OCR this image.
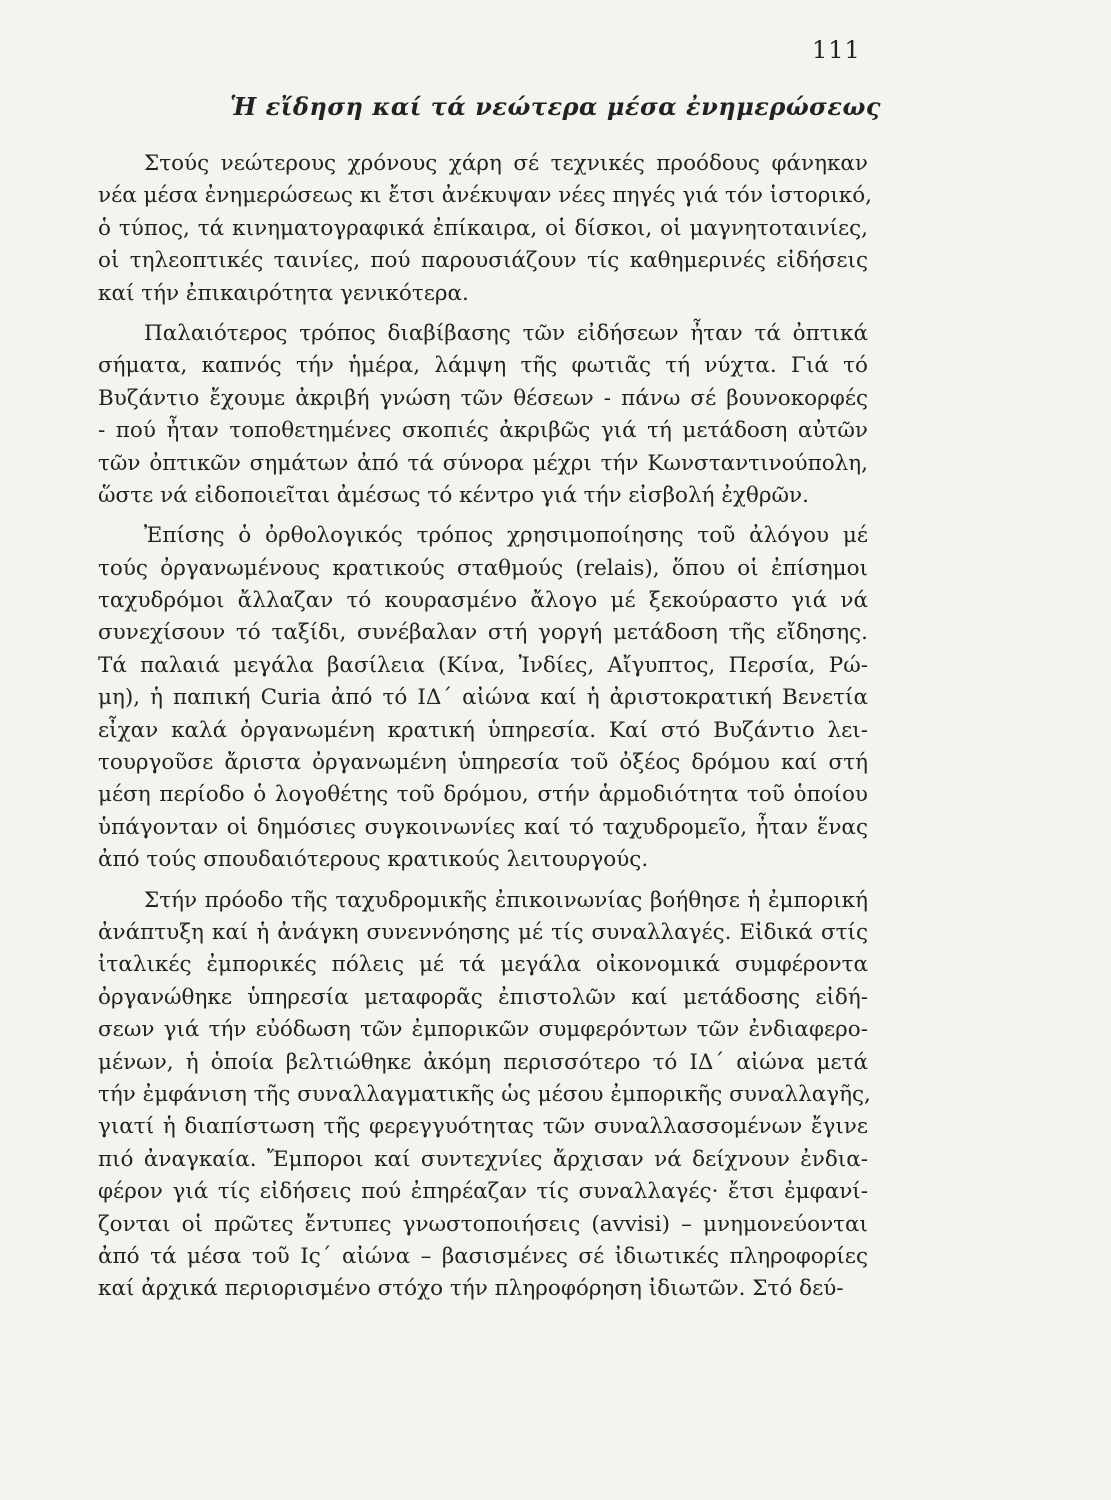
111
Ἡ εἴδηση καί τά νεώτερα μέσα ἐνημερώσεως
Στούς νεώτερους χρόνους χάρη σέ τεχνικές προόδους φάνηκαν
νέα μέσα ἐνημερώσεως κι ἔτσι ἀνέκυψαν νέες πηγές γιά τόν ἱστορικό,
ὁ τύπος, τά κινηματογραφικά ἐπίκαιρα, οἱ δίσκοι, οἱ μαγνητοταινίες,
οἱ τηλεοπτικές ταινίες, πού παρουσιάζουν τίς καθημερινές εἰδήσεις
καί τήν ἐπικαιρότητα γενικότερα.
Παλαιότερος τρόπος διαβίβασης τῶν εἰδήσεων ἦταν τά ὀπτικά
σήματα, καπνός τήν ἡμέρα, λάμψη τῆς φωτιᾶς τή νύχτα. Γιά τό
Βυζάντιο ἔχουμε ἀκριβή γνώση τῶν θέσεων - πάνω σέ βουνοκορφές
- πού ἦταν τοποθετημένες σκοπιές ἀκριβῶς γιά τή μετάδοση αὐτῶν
τῶν ὀπτικῶν σημάτων ἀπό τά σύνορα μέχρι τήν Κωνσταντινούπολη,
ὥστε νά εἰδοποιεῖται ἀμέσως τό κέντρο γιά τήν εἰσβολή ἐχθρῶν.
Ἐπίσης ὁ ὀρθολογικός τρόπος χρησιμοποίησης τοῦ ἀλόγου μέ
τούς ὀργανωμένους κρατικούς σταθμούς (relais), ὅπου οἱ ἐπίσημοι
ταχυδρόμοι ἄλλαζαν τό κουρασμένο ἄλογο μέ ξεκούραστο γιά νά
συνεχίσουν τό ταξίδι, συνέβαλαν στή γοργή μετάδοση τῆς εἴδησης.
Τά παλαιά μεγάλα βασίλεια (Κίνα, Ἰνδίες, Αἴγυπτος, Περσία, Ρώ-
μη), ἡ παπική Curia ἀπό τό ΙΔ΄ αἰώνα καί ἡ ἀριστοκρατική Βενετία
εἶχαν καλά ὀργανωμένη κρατική ὑπηρεσία. Καί στό Βυζάντιο λει-
τουργοῦσε ἄριστα ὀργανωμένη ὑπηρεσία τοῦ ὀξέος δρόμου καί στή
μέση περίοδο ὁ λογοθέτης τοῦ δρόμου, στήν ἁρμοδιότητα τοῦ ὁποίου
ὑπάγονταν οἱ δημόσιες συγκοινωνίες καί τό ταχυδρομεῖο, ἦταν ἕνας
ἀπό τούς σπουδαιότερους κρατικούς λειτουργούς.
Στήν πρόοδο τῆς ταχυδρομικῆς ἐπικοινωνίας βοήθησε ἡ ἐμπορική
ἀνάπτυξη καί ἡ ἀνάγκη συνεννόησης μέ τίς συναλλαγές. Εἰδικά στίς
ἰταλικές ἐμπορικές πόλεις μέ τά μεγάλα οἰκονομικά συμφέροντα
ὀργανώθηκε ὑπηρεσία μεταφορᾶς ἐπιστολῶν καί μετάδοσης εἰδή-
σεων γιά τήν εὐόδωση τῶν ἐμπορικῶν συμφερόντων τῶν ἐνδιαφερο-
μένων, ἡ ὁποία βελτιώθηκε ἀκόμη περισσότερο τό ΙΔ΄ αἰώνα μετά
τήν ἐμφάνιση τῆς συναλλαγματικῆς ὡς μέσου ἐμπορικῆς συναλλαγῆς,
γιατί ἡ διαπίστωση τῆς φερεγγυότητας τῶν συναλλασσομένων ἔγινε
πιό ἀναγκαία. Ἔμποροι καί συντεχνίες ἄρχισαν νά δείχνουν ἐνδια-
φέρον γιά τίς εἰδήσεις πού ἐπηρέαζαν τίς συναλλαγές· ἔτσι ἐμφανί-
ζονται οἱ πρῶτες ἔντυπες γνωστοποιήσεις (avvisi) – μνημονεύονται
ἀπό τά μέσα τοῦ Ις΄ αἰώνα – βασισμένες σέ ἰδιωτικές πληροφορίες
καί ἀρχικά περιορισμένο στόχο τήν πληροφόρηση ἰδιωτῶν. Στό δεύ-
